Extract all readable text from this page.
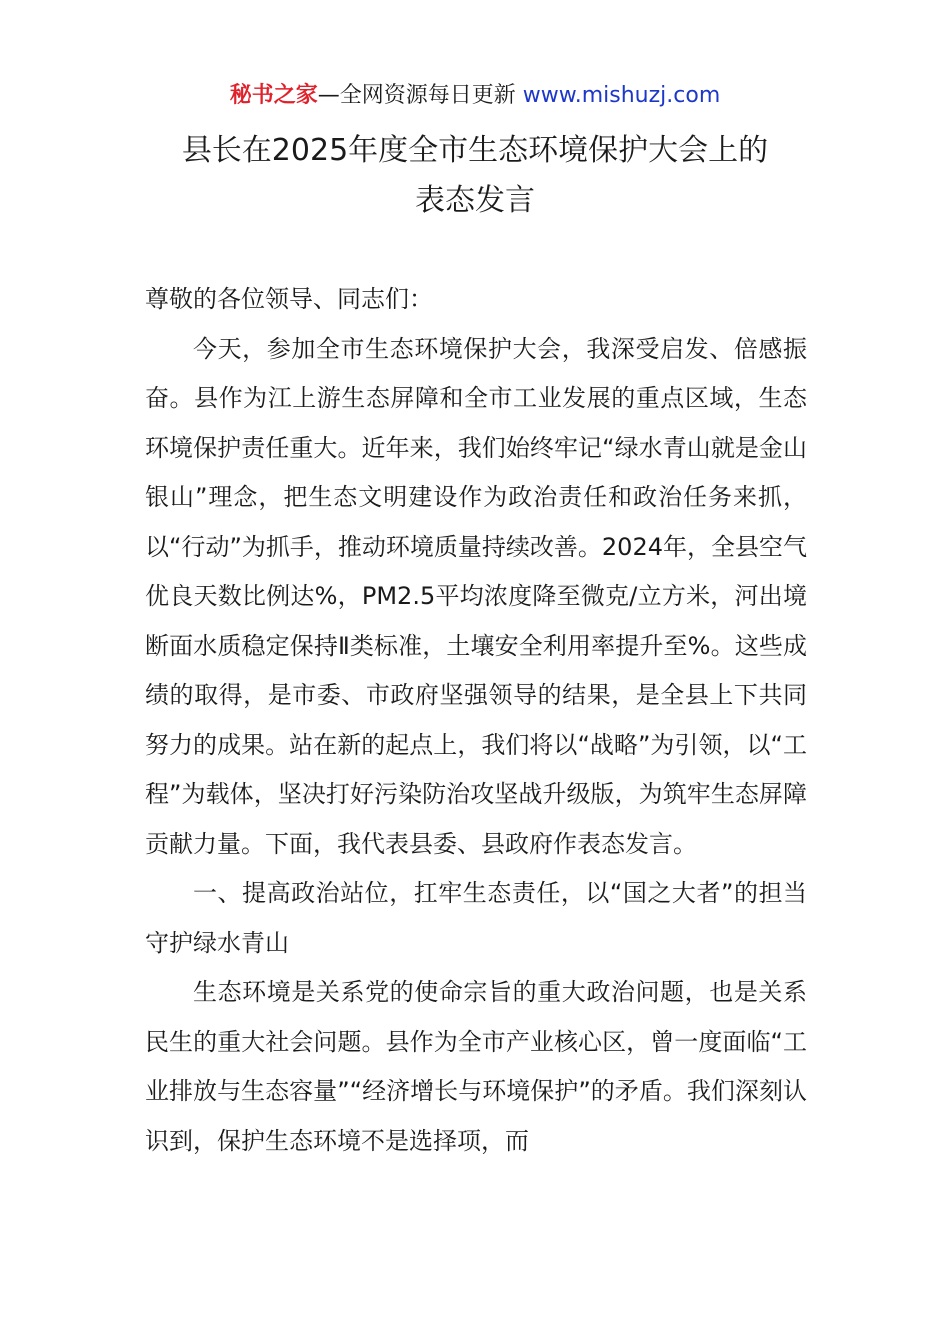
秘书之家—全网资源每日更新 www.mishuzj.com
县长在2025年度全市生态环境保护大会上的
表态发言

尊敬的各位领导、同志们：

今天，参加全市生态环境保护大会，我深受启发、倍感振奋。县作为江上游生态屏障和全市工业发展的重点区域，生态环境保护责任重大。近年来，我们始终牢记“绿水青山就是金山银山”理念，把生态文明建设作为政治责任和政治任务来抓，以“行动”为抓手，推动环境质量持续改善。2024年，全县空气优良天数比例达%，PM2.5平均浓度降至微克/立方米，河出境断面水质稳定保持Ⅱ类标准，土壤安全利用率提升至%。这些成绩的取得，是市委、市政府坚强领导的结果，是全县上下共同努力的成果。站在新的起点上，我们将以“战略”为引领，以“工程”为载体，坚决打好污染防治攻坚战升级版，为筑牢生态屏障贡献力量。下面，我代表县委、县政府作表态发言。

一、提高政治站位，扛牢生态责任，以“国之大者”的担当守护绿水青山

生态环境是关系党的使命宗旨的重大政治问题，也是关系民生的重大社会问题。县作为全市产业核心区，曾一度面临“工业排放与生态容量”“经济增长与环境保护”的矛盾。我们深刻认识到，保护生态环境不是选择项，而
